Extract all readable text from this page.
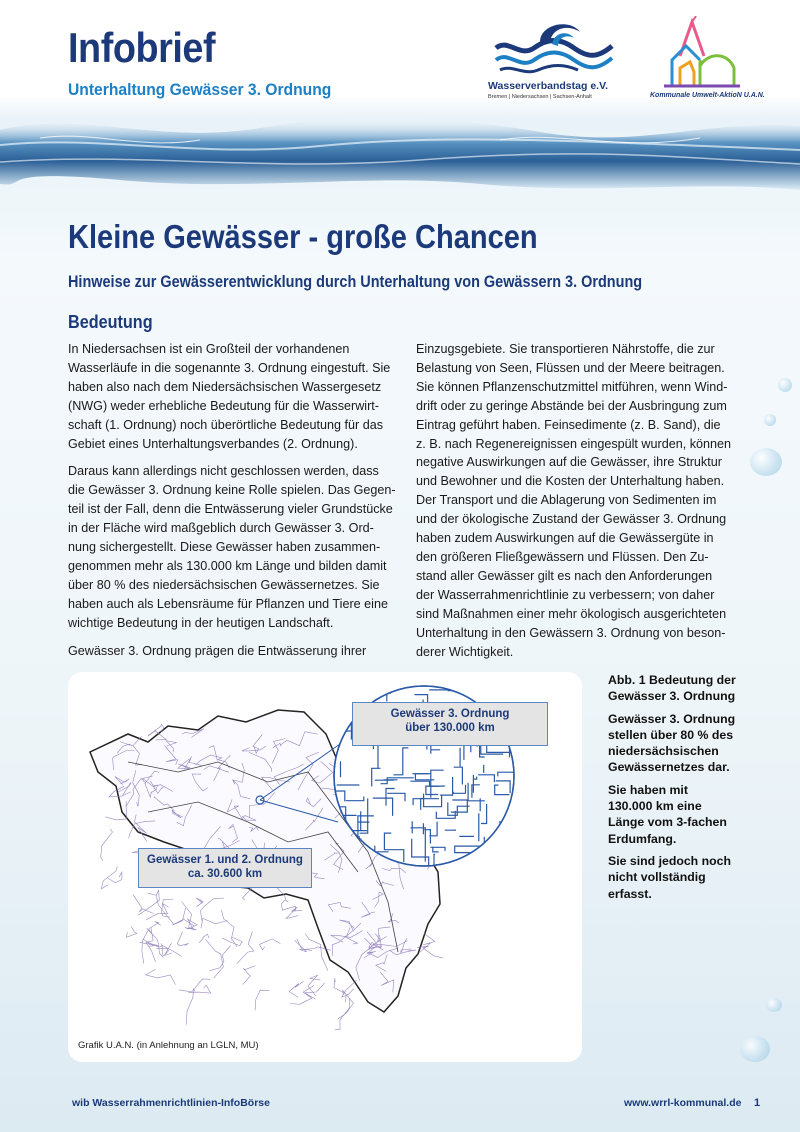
Infobrief
Unterhaltung Gewässer 3. Ordnung	Wasserverbandstag e.V.
Bremen | Niedersachsen | Sachsen-Anhalt	Kommunale Umwelt-AktioN U.A.N.
Kleine Gewässer - große Chancen
Hinweise zur Gewässerentwicklung durch Unterhaltung von Gewässern 3. Ordnung
Bedeutung

In Niedersachsen ist ein Großteil der vorhandenen
Wasserläufe in die sogenannte 3. Ordnung eingestuft. Sie
haben also nach dem Niedersächsischen Wassergesetz
(NWG) weder erhebliche Bedeutung für die Wasserwirt-
schaft (1. Ordnung) noch überörtliche Bedeutung für das
Gebiet eines Unterhaltungsverbandes (2. Ordnung).

Daraus kann allerdings nicht geschlossen werden, dass
die Gewässer 3. Ordnung keine Rolle spielen. Das Gegen-
teil ist der Fall, denn die Entwässerung vieler Grundstücke
in der Fläche wird maßgeblich durch Gewässer 3. Ord-
nung sichergestellt. Diese Gewässer haben zusammen-
genommen mehr als 130.000 km Länge und bilden damit
über 80 % des niedersächsischen Gewässernetzes. Sie
haben auch als Lebensräume für Pflanzen und Tiere eine
wichtige Bedeutung in der heutigen Landschaft.

Gewässer 3. Ordnung prägen die Entwässerung ihrer

Einzugsgebiete. Sie transportieren Nährstoffe, die zur
Belastung von Seen, Flüssen und der Meere beitragen.
Sie können Pflanzenschutzmittel mitführen, wenn Wind-
drift oder zu geringe Abstände bei der Ausbringung zum
Eintrag geführt haben. Feinsedimente (z. B. Sand), die
z. B. nach Regenereignissen eingespült wurden, können
negative Auswirkungen auf die Gewässer, ihre Struktur
und Bewohner und die Kosten der Unterhaltung haben.
Der Transport und die Ablagerung von Sedimenten im
und der ökologische Zustand der Gewässer 3. Ordnung
haben zudem Auswirkungen auf die Gewässergüte in
den größeren Fließgewässern und Flüssen. Den Zu-
stand aller Gewässer gilt es nach den Anforderungen
der Wasserrahmenrichtlinie zu verbessern; von daher
sind Maßnahmen einer mehr ökologisch ausgerichteten
Unterhaltung in den Gewässern 3. Ordnung von beson-
derer Wichtigkeit.

Gewässer 3. Ordnung
über 130.000 km
Gewässer 1. und 2. Ordnung
ca. 30.600 km
Grafik U.A.N. (in Anlehnung an LGLN, MU)

Abb. 1 Bedeutung der
Gewässer 3. Ordnung

Gewässer 3. Ordnung
stellen über 80 % des
niedersächsischen
Gewässernetzes dar.

Sie haben mit
130.000 km eine
Länge vom 3-fachen
Erdumfang.

Sie sind jedoch noch
nicht vollständig
erfasst.

wib Wasserrahmenrichtlinien-InfoBörse	www.wrrl-kommunal.de 1
